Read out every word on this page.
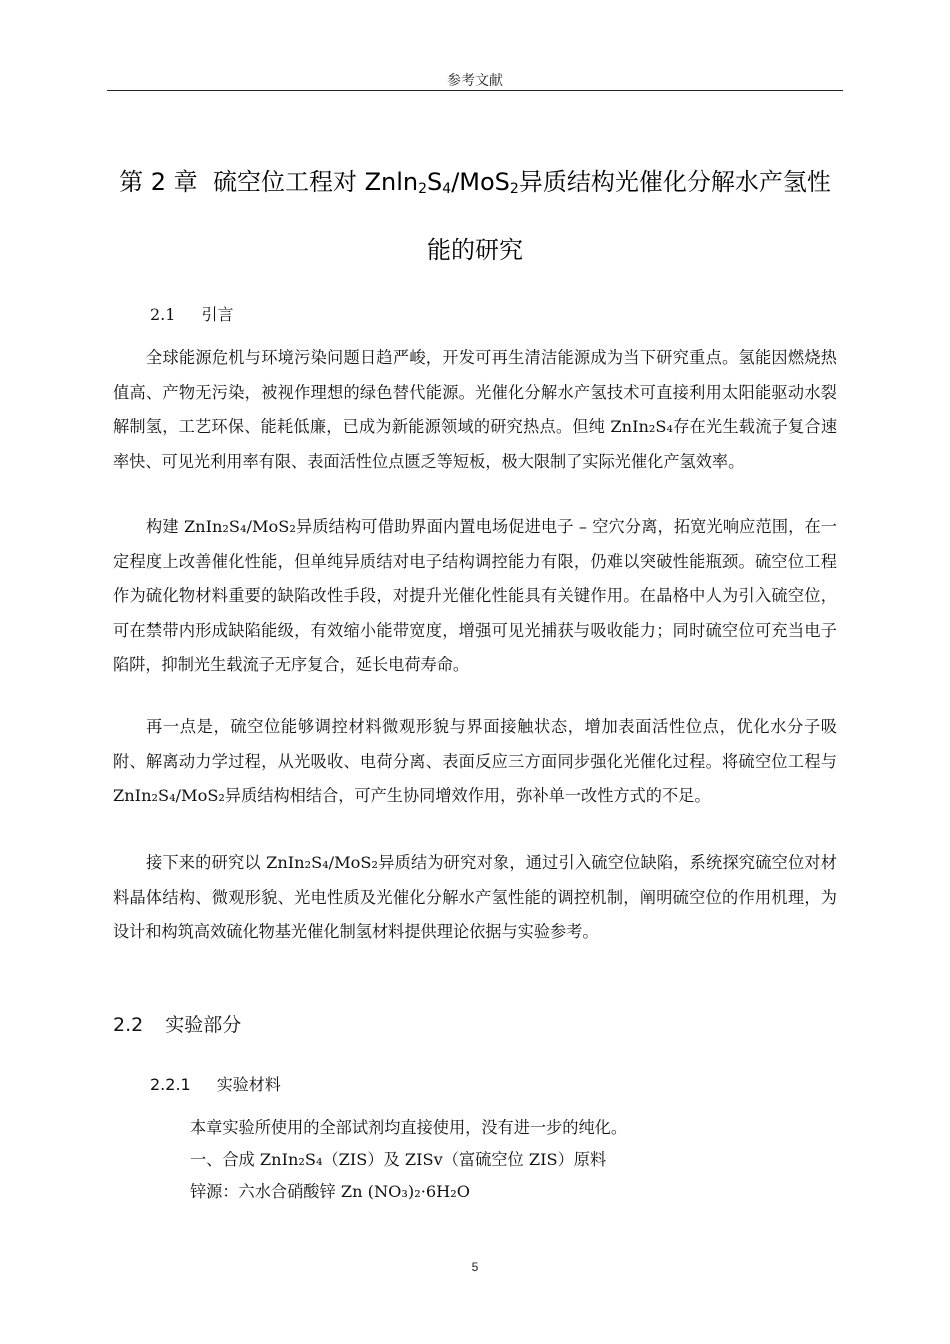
参考文献
第 2 章 硫空位工程对 $Znln_2S_4/MoS_2$异质结构光催化分解水产氢性
能的研究
2.1 引言

全球能源危机与环境污染问题日趋严峻，开发可再生清洁能源成为当下研究重点。氢能因燃烧热值高、产物无污染，被视作理想的绿色替代能源。光催化分解水产氢技术可直接利用太阳能驱动水裂解制氢，工艺环保、能耗低廉，已成为新能源领域的研究热点。但纯 ZnIn₂S₄存在光生载流子复合速率快、可见光利用率有限、表面活性位点匮乏等短板，极大限制了实际光催化产氢效率。

构建 ZnIn₂S₄/MoS₂异质结构可借助界面内置电场促进电子 – 空穴分离，拓宽光响应范围，在一定程度上改善催化性能，但单纯异质结对电子结构调控能力有限，仍难以突破性能瓶颈。硫空位工程作为硫化物材料重要的缺陷改性手段，对提升光催化性能具有关键作用。在晶格中人为引入硫空位，可在禁带内形成缺陷能级，有效缩小能带宽度，增强可见光捕获与吸收能力；同时硫空位可充当电子陷阱，抑制光生载流子无序复合，延长电荷寿命。

再一点是，硫空位能够调控材料微观形貌与界面接触状态，增加表面活性位点，优化水分子吸附、解离动力学过程，从光吸收、电荷分离、表面反应三方面同步强化光催化过程。将硫空位工程与 ZnIn₂S₄/MoS₂异质结构相结合，可产生协同增效作用，弥补单一改性方式的不足。

接下来的研究以 ZnIn₂S₄/MoS₂异质结为研究对象，通过引入硫空位缺陷，系统探究硫空位对材料晶体结构、微观形貌、光电性质及光催化分解水产氢性能的调控机制，阐明硫空位的作用机理，为设计和构筑高效硫化物基光催化制氢材料提供理论依据与实验参考。

2.2 实验部分
2.2.1 实验材料
本章实验所使用的全部试剂均直接使用，没有进一步的纯化。
一、合成 ZnIn₂S₄（ZIS）及 ZISv（富硫空位 ZIS）原料
锌源：六水合硝酸锌 Zn (NO₃)₂·6H₂O
5
